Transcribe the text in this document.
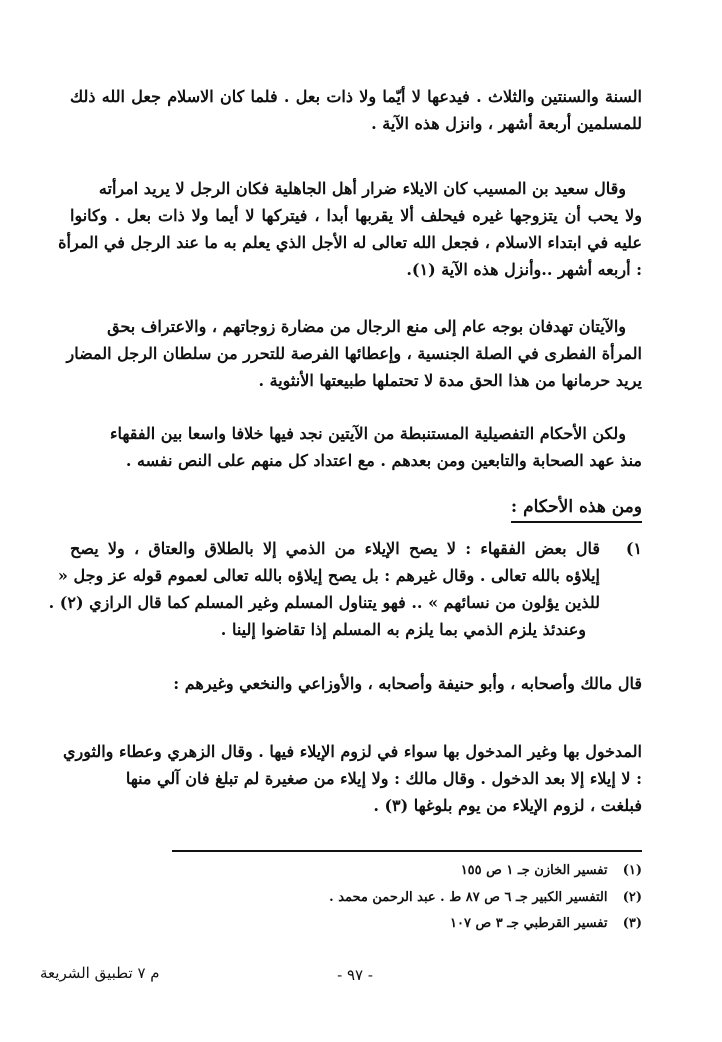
السنة والسنتين والثلاث . فيدعها لا أيّما ولا ذات بعل . فلما كان الاسلام جعل الله ذلك
للمسلمين أربعة أشهر ، وانزل هذه الآية .
وقال سعيد بن المسيب كان الايلاء ضرار أهل الجاهلية فكان الرجل لا يريد امرأته
ولا يحب أن يتزوجها غيره فيحلف ألا يقربها أبدا ، فيتركها لا أيما ولا ذات بعل . وكانوا
عليه في ابتداء الاسلام ، فجعل الله تعالى له الأجل الذي يعلم به ما عند الرجل في المرأة
: أربعه أشهر ..وأنزل هذه الآية (١).
والآيتان تهدفان بوجه عام إلى منع الرجال من مضارة زوجاتهم ، والاعتراف بحق
المرأة الفطرى في الصلة الجنسية ، وإعطائها الفرصة للتحرر من سلطان الرجل المضار
يريد حرمانها من هذا الحق مدة لا تحتملها طبيعتها الأنثوية .
ولكن الأحكام التفصيلية المستنبطة من الآيتين نجد فيها خلافا واسعا بين الفقهاء
منذ عهد الصحابة والتابعين ومن بعدهم . مع اعتداد كل منهم على النص نفسه .
ومن هذه الأحكام :
١)
قال بعض الفقهاء : لا يصح الإيلاء من الذمي إلا بالطلاق والعتاق ، ولا يصح
إيلاؤه بالله تعالى . وقال غيرهم : بل يصح إيلاؤه بالله تعالى لعموم قوله عز وجل «
للذين يؤلون من نسائهم » .. فهو يتناول المسلم وغير المسلم كما قال الرازي (٢) .
وعندئذ يلزم الذمي بما يلزم به المسلم إذا تقاضوا إلينا .
قال مالك وأصحابه ، وأبو حنيفة وأصحابه ، والأوزاعي والنخعي وغيرهم :
المدخول بها وغير المدخول بها سواء في لزوم الإيلاء فيها . وقال الزهري وعطاء والثوري
: لا إيلاء إلا بعد الدخول . وقال مالك : ولا إيلاء من صغيرة لم تبلغ فان آلي منها
فبلغت ، لزوم الإيلاء من يوم بلوغها (٣) .
(١) تفسير الخازن جـ ١ ص ١٥٥
(٢) التفسير الكبير جـ ٦ ص ٨٧ ط . عبد الرحمن محمد .
(٣) تفسير القرطبي جـ ٣ ص ١٠٧
م ٧ تطبيق الشريعة	- ٩٧ -
